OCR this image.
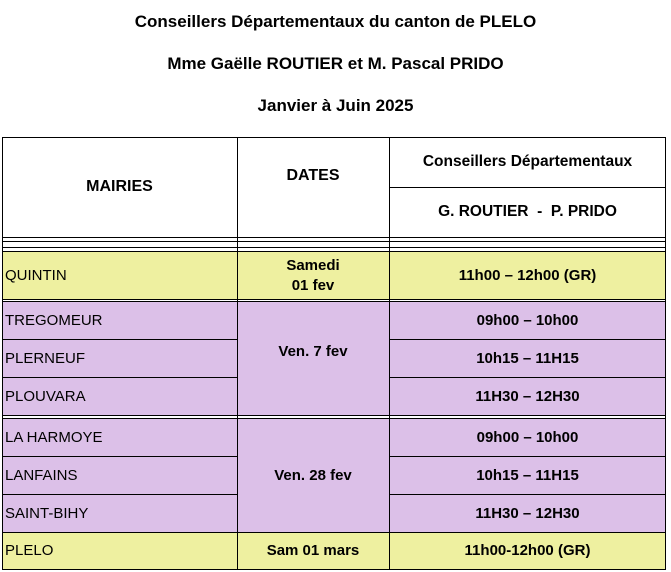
Conseillers Départementaux du canton de PLELO
Mme Gaëlle ROUTIER et M. Pascal PRIDO
Janvier à Juin 2025
MAIRIES
DATES
Conseillers Départementaux
G. ROUTIER  -  P. PRIDO
QUINTIN
Samedi
01 fev
11h00 – 12h00 (GR)
TREGOMEUR
PLERNEUF
PLOUVARA
Ven. 7 fev
09h00 – 10h00
10h15 – 11H15
11H30 – 12H30
LA HARMOYE
LANFAINS
SAINT-BIHY
Ven. 28 fev
09h00 – 10h00
10h15 – 11H15
11H30 – 12H30
PLELO	Sam 01 mars	11h00-12h00 (GR)
